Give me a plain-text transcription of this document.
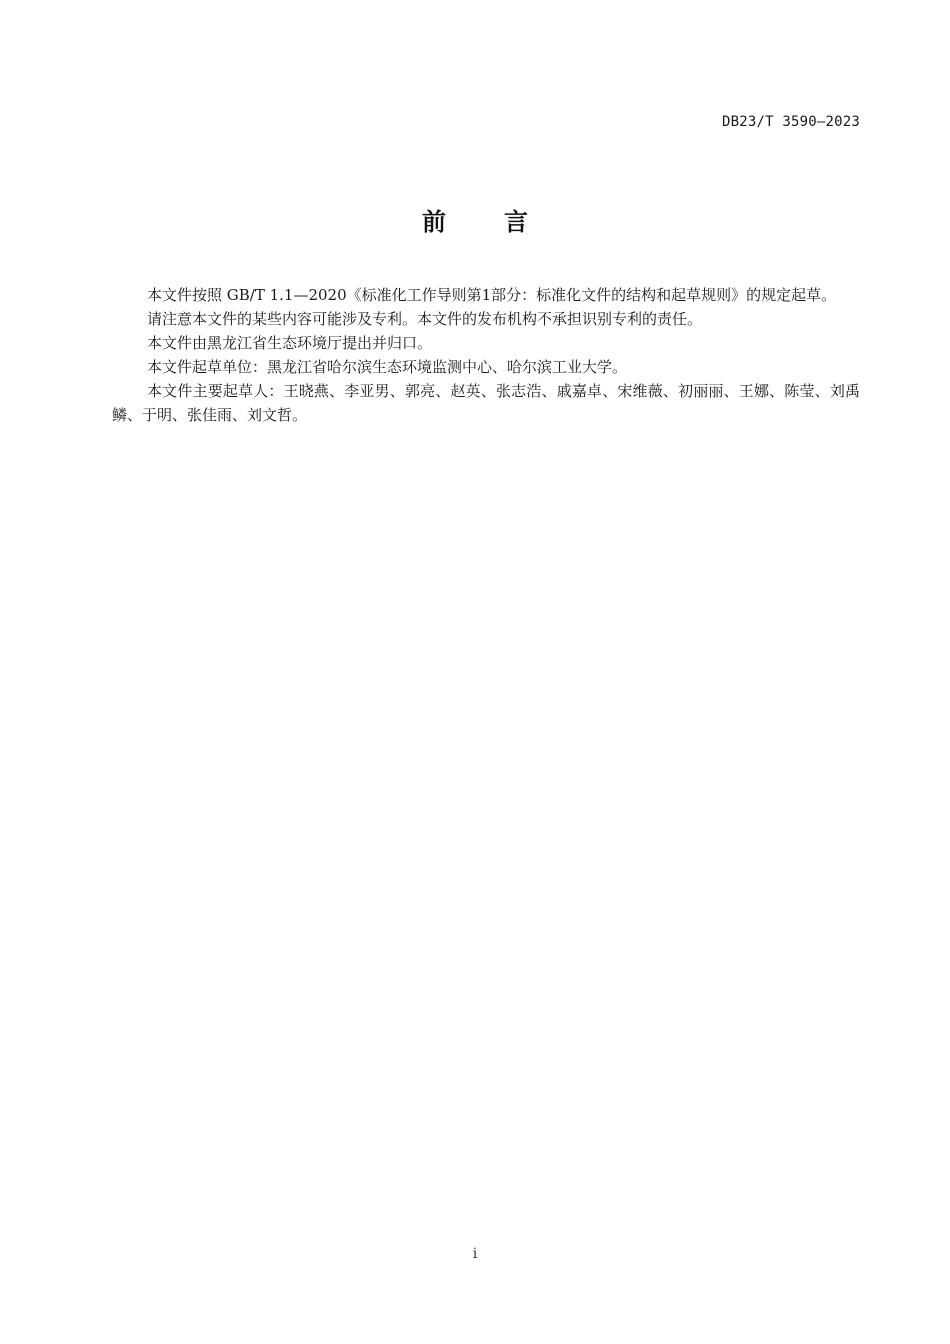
DB23/T 3590—2023
前 言

本文件按照 GB/T 1.1—2020《标准化工作导则第1部分：标准化文件的结构和起草规则》的规定起草。

请注意本文件的某些内容可能涉及专利。本文件的发布机构不承担识别专利的责任。

本文件由黑龙江省生态环境厅提出并归口。

本文件起草单位：黑龙江省哈尔滨生态环境监测中心、哈尔滨工业大学。

本文件主要起草人：王晓燕、李亚男、郭亮、赵英、张志浩、戚嘉卓、宋维薇、初丽丽、王娜、陈莹、刘禹鳞、于明、张佳雨、刘文哲。

i
